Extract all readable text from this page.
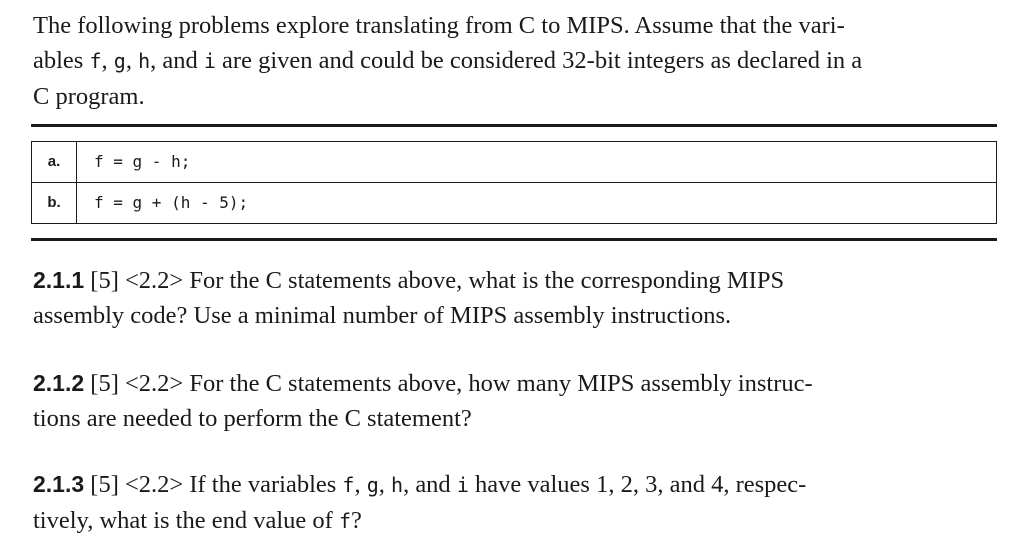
The following problems explore translating from C to MIPS. Assume that the vari-
ables f, g, h, and i are given and could be considered 32-bit integers as declared in a
C program.
a.	f = g - h;
b.	f = g + (h - 5);
2.1.1 [5] <2.2> For the C statements above, what is the corresponding MIPS
assembly code? Use a minimal number of MIPS assembly instructions.
2.1.2 [5] <2.2> For the C statements above, how many MIPS assembly instruc-
tions are needed to perform the C statement?
2.1.3 [5] <2.2> If the variables f, g, h, and i have values 1, 2, 3, and 4, respec-
tively, what is the end value of f?
